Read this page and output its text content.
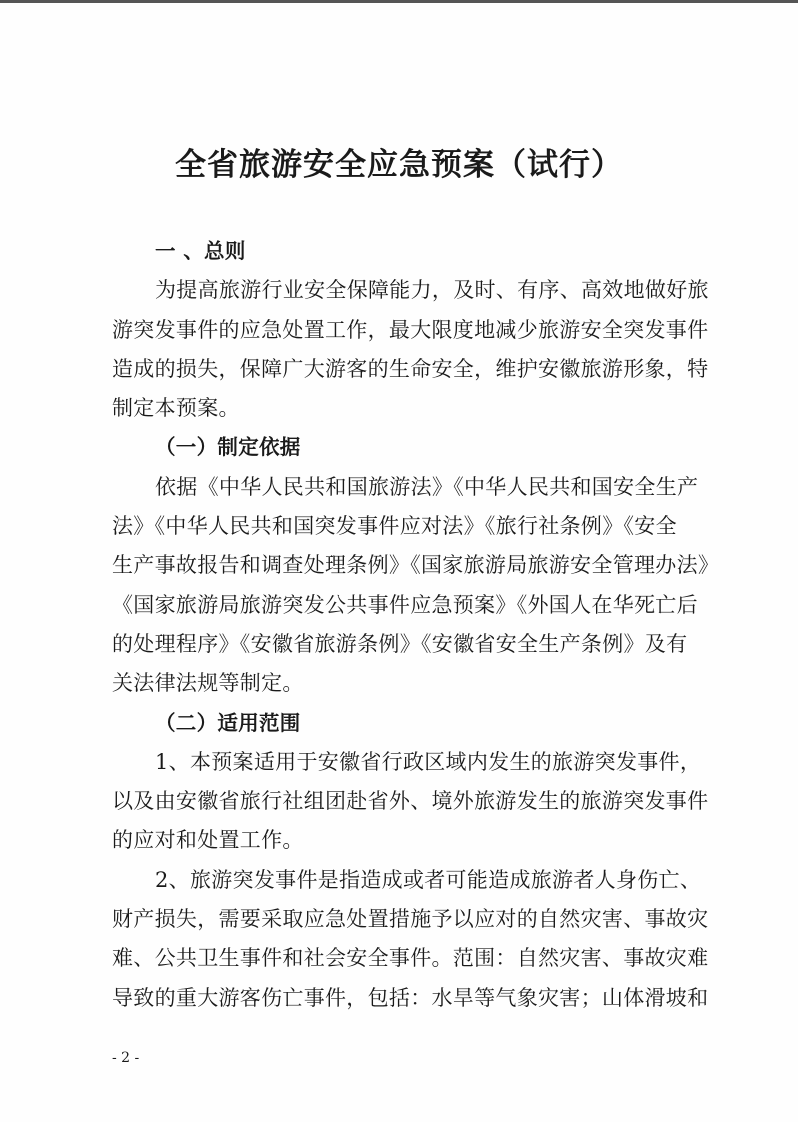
全省旅游安全应急预案（试行）
一 、总则
为提高旅游行业安全保障能力，及时、有序、高效地做好旅
游突发事件的应急处置工作，最大限度地减少旅游安全突发事件
造成的损失，保障广大游客的生命安全，维护安徽旅游形象，特
制定本预案。
（一）制定依据
依据《中华人民共和国旅游法》《中华人民共和国安全生产
法》《中华人民共和国突发事件应对法》《旅行社条例》《安全
生产事故报告和调查处理条例》《国家旅游局旅游安全管理办法》
《国家旅游局旅游突发公共事件应急预案》《外国人在华死亡后
的处理程序》《安徽省旅游条例》《安徽省安全生产条例》及有
关法律法规等制定。
（二）适用范围
1、本预案适用于安徽省行政区域内发生的旅游突发事件，
以及由安徽省旅行社组团赴省外、境外旅游发生的旅游突发事件
的应对和处置工作。
2、旅游突发事件是指造成或者可能造成旅游者人身伤亡、
财产损失，需要采取应急处置措施予以应对的自然灾害、事故灾
难、公共卫生事件和社会安全事件。范围：自然灾害、事故灾难
导致的重大游客伤亡事件，包括：水旱等气象灾害；山体滑坡和
- 2 -
